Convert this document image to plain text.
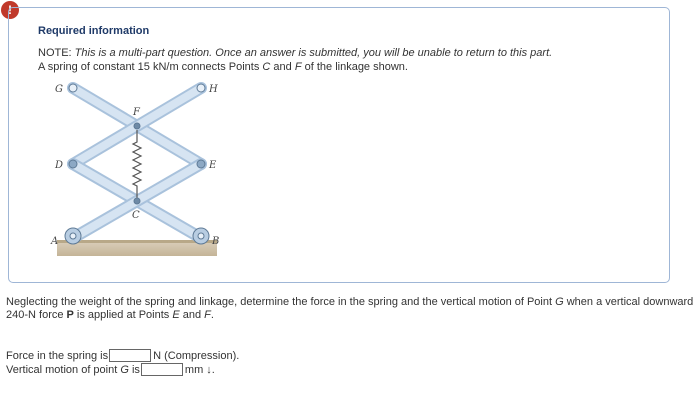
!
Required information
NOTE: This is a multi-part question. Once an answer is submitted, you will be unable to return to this part.
A spring of constant 15 kN/m connects Points C and F of the linkage shown.
G	H
F
D	E
C
A	B
Neglecting the weight of the spring and linkage, determine the force in the spring and the vertical motion of Point G when a vertical downward 240-N force P is applied at Points E and F.
Force in the spring is	N (Compression).
Vertical motion of point G is	mm ↓.
